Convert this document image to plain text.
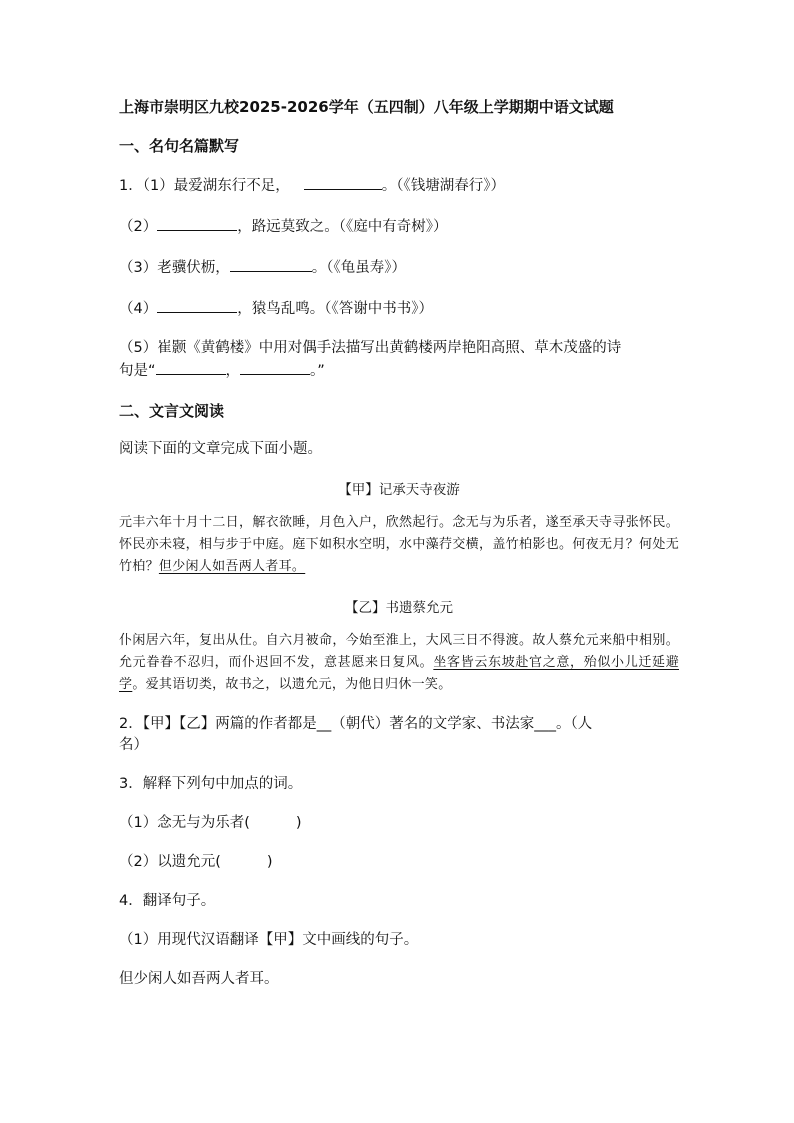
上海市崇明区九校2025-2026学年（五四制）八年级上学期期中语文试题
一、名句名篇默写
1．（1）最爱湖东行不足，	。（《钱塘湖春行》）
（2）	，路远莫致之。（《庭中有奇树》）
（3）老骥伏枥，	。（《龟虽寿》）
（4）	，猿鸟乱鸣。（《答谢中书书》）
（5）崔颢《黄鹤楼》中用对偶手法描写出黄鹤楼两岸艳阳高照、草木茂盛的诗
句是“	，	。”
二、文言文阅读
阅读下面的文章完成下面小题。
【甲】记承天寺夜游
元丰六年十月十二日，解衣欲睡，月色入户，欣然起行。念无与为乐者，遂至承天寺寻张怀民。怀民亦未寝，相与步于中庭。庭下如积水空明，水中藻荇交横，盖竹柏影也。何夜无月？何处无竹柏？但少闲人如吾两人者耳。
【乙】书遗蔡允元
仆闲居六年，复出从仕。自六月被命，今始至淮上，大风三日不得渡。故人蔡允元来船中相别。允元眷眷不忍归，而仆迟回不发，意甚愿来日复风。坐客皆云东坡赴官之意，殆似小儿迁延避学。爱其语切类，故书之，以遗允元，为他日归休一笑。
2．【甲】【乙】两篇的作者都是__（朝代）著名的文学家、书法家___。（人
名）
3．解释下列句中加点的词。
（1）念无与为乐者(	)
（2）以遗允元(	)
4．翻译句子。
（1）用现代汉语翻译【甲】文中画线的句子。
但少闲人如吾两人者耳。
